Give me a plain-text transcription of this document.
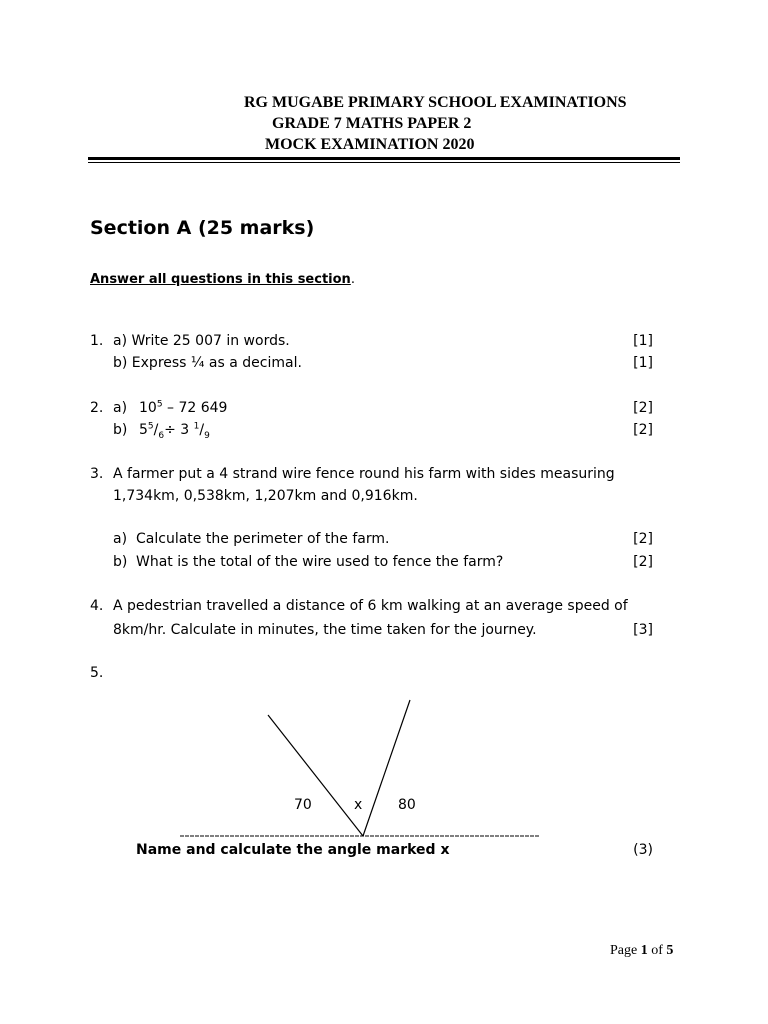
RG MUGABE PRIMARY SCHOOL EXAMINATIONS
GRADE 7 MATHS PAPER 2
MOCK EXAMINATION 2020
Section A (25 marks)
Answer all questions in this section.
1. a) Write 25 007 in words.	[1]
b) Express ¼ as a decimal.	[1]
2. a) $10^5 - 72$ 649	[2]
b) $5^5/_6\div 3$ $^1/_9$	[2]
3. A farmer put a 4 strand wire fence round his farm with sides measuring
1,734km, 0,538km, 1,207km and 0,916km.
a) Calculate the perimeter of the farm.	[2]
b) What is the total of the wire used to fence the farm?	[2]
4. A pedestrian travelled a distance of 6 km walking at an average speed of
8km/hr. Calculate in minutes, the time taken for the journey.	[3]
5.
70	x	80
Name and calculate the angle marked x	(3)
Page 1 of 5
